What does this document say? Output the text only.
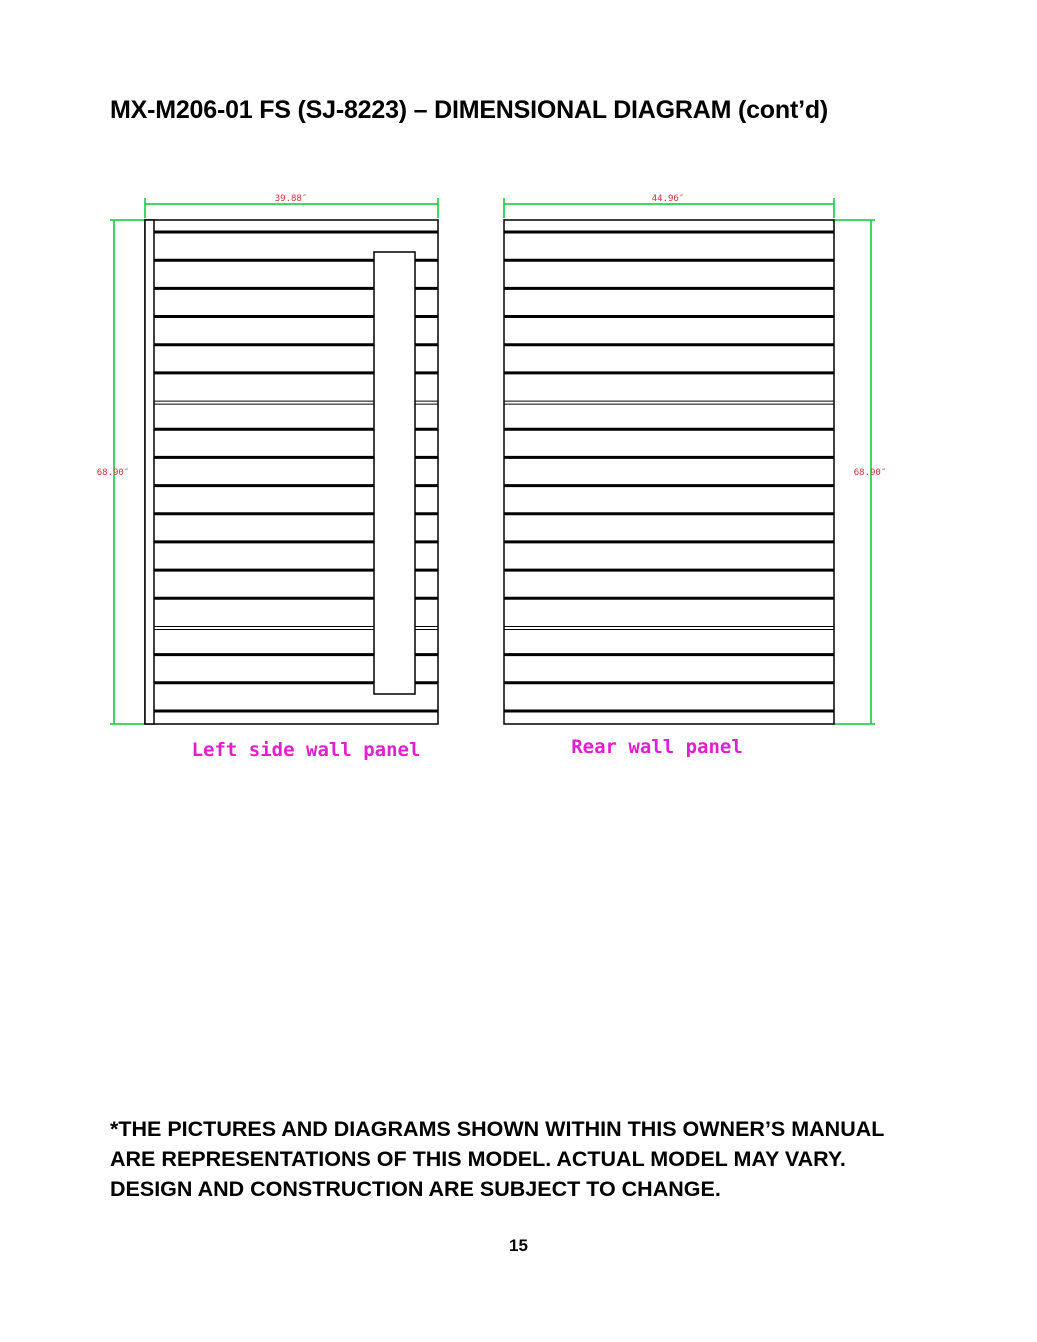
MX-M206-01 FS (SJ-8223) – DIMENSIONAL DIAGRAM (cont’d)
39.88″
68.90″
Left side wall panel
44.96″
68.90″
Rear wall panel
*THE PICTURES AND DIAGRAMS SHOWN WITHIN THIS OWNER’S MANUAL ARE REPRESENTATIONS OF THIS MODEL. ACTUAL MODEL MAY VARY. DESIGN AND CONSTRUCTION ARE SUBJECT TO CHANGE.
15
